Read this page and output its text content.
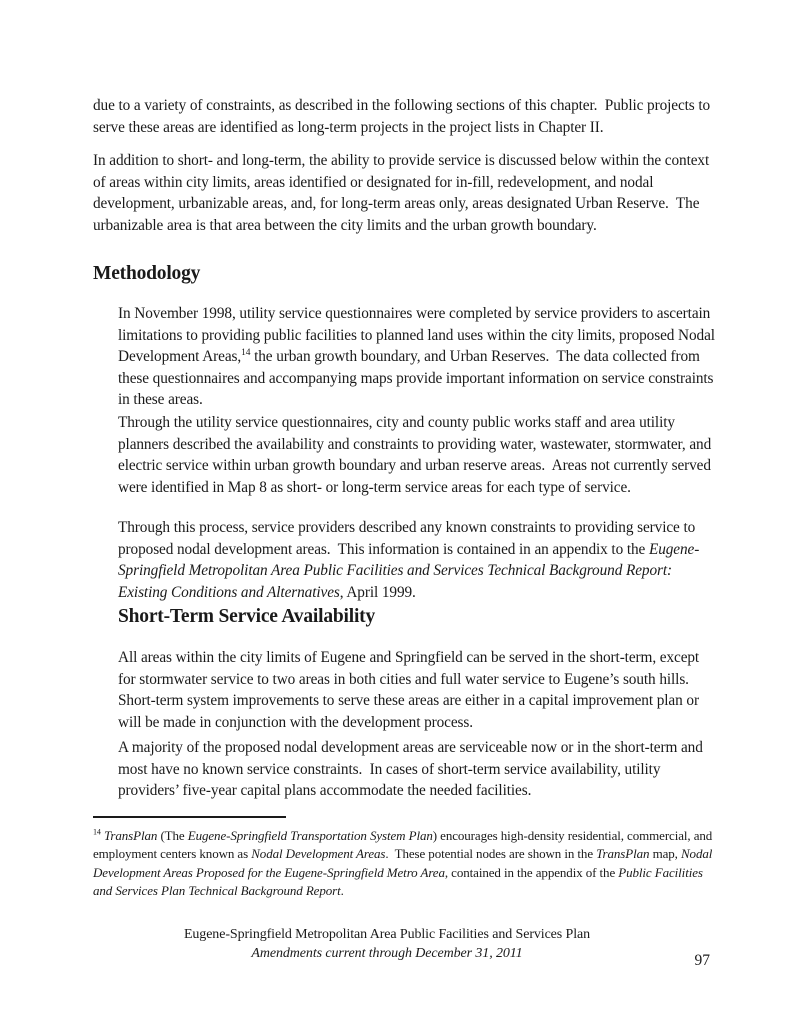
due to a variety of constraints, as described in the following sections of this chapter.  Public projects to serve these areas are identified as long-term projects in the project lists in Chapter II.

In addition to short- and long-term, the ability to provide service is discussed below within the context of areas within city limits, areas identified or designated for in-fill, redevelopment, and nodal development, urbanizable areas, and, for long-term areas only, areas designated Urban Reserve.  The urbanizable area is that area between the city limits and the urban growth boundary.

Methodology

In November 1998, utility service questionnaires were completed by service providers to ascertain limitations to providing public facilities to planned land uses within the city limits, proposed Nodal Development Areas,$^{14}$ the urban growth boundary, and Urban Reserves.  The data collected from these questionnaires and accompanying maps provide important information on service constraints in these areas.

Through the utility service questionnaires, city and county public works staff and area utility planners described the availability and constraints to providing water, wastewater, stormwater, and electric service within urban growth boundary and urban reserve areas.  Areas not currently served were identified in Map 8 as short- or long-term service areas for each type of service.

Through this process, service providers described any known constraints to providing service to proposed nodal development areas.  This information is contained in an appendix to the Eugene-Springfield Metropolitan Area Public Facilities and Services Technical Background Report: Existing Conditions and Alternatives, April 1999.

Short-Term Service Availability

All areas within the city limits of Eugene and Springfield can be served in the short-term, except for stormwater service to two areas in both cities and full water service to Eugene’s south hills.  Short-term system improvements to serve these areas are either in a capital improvement plan or will be made in conjunction with the development process.

A majority of the proposed nodal development areas are serviceable now or in the short-term and most have no known service constraints.  In cases of short-term service availability, utility providers’ five-year capital plans accommodate the needed facilities.

$^{14}$ TransPlan (The Eugene-Springfield Transportation System Plan) encourages high-density residential, commercial, and employment centers known as Nodal Development Areas.  These potential nodes are shown in the TransPlan map, Nodal Development Areas Proposed for the Eugene-Springfield Metro Area, contained in the appendix of the Public Facilities and Services Plan Technical Background Report.

Eugene-Springfield Metropolitan Area Public Facilities and Services Plan
Amendments current through December 31, 2011	97
